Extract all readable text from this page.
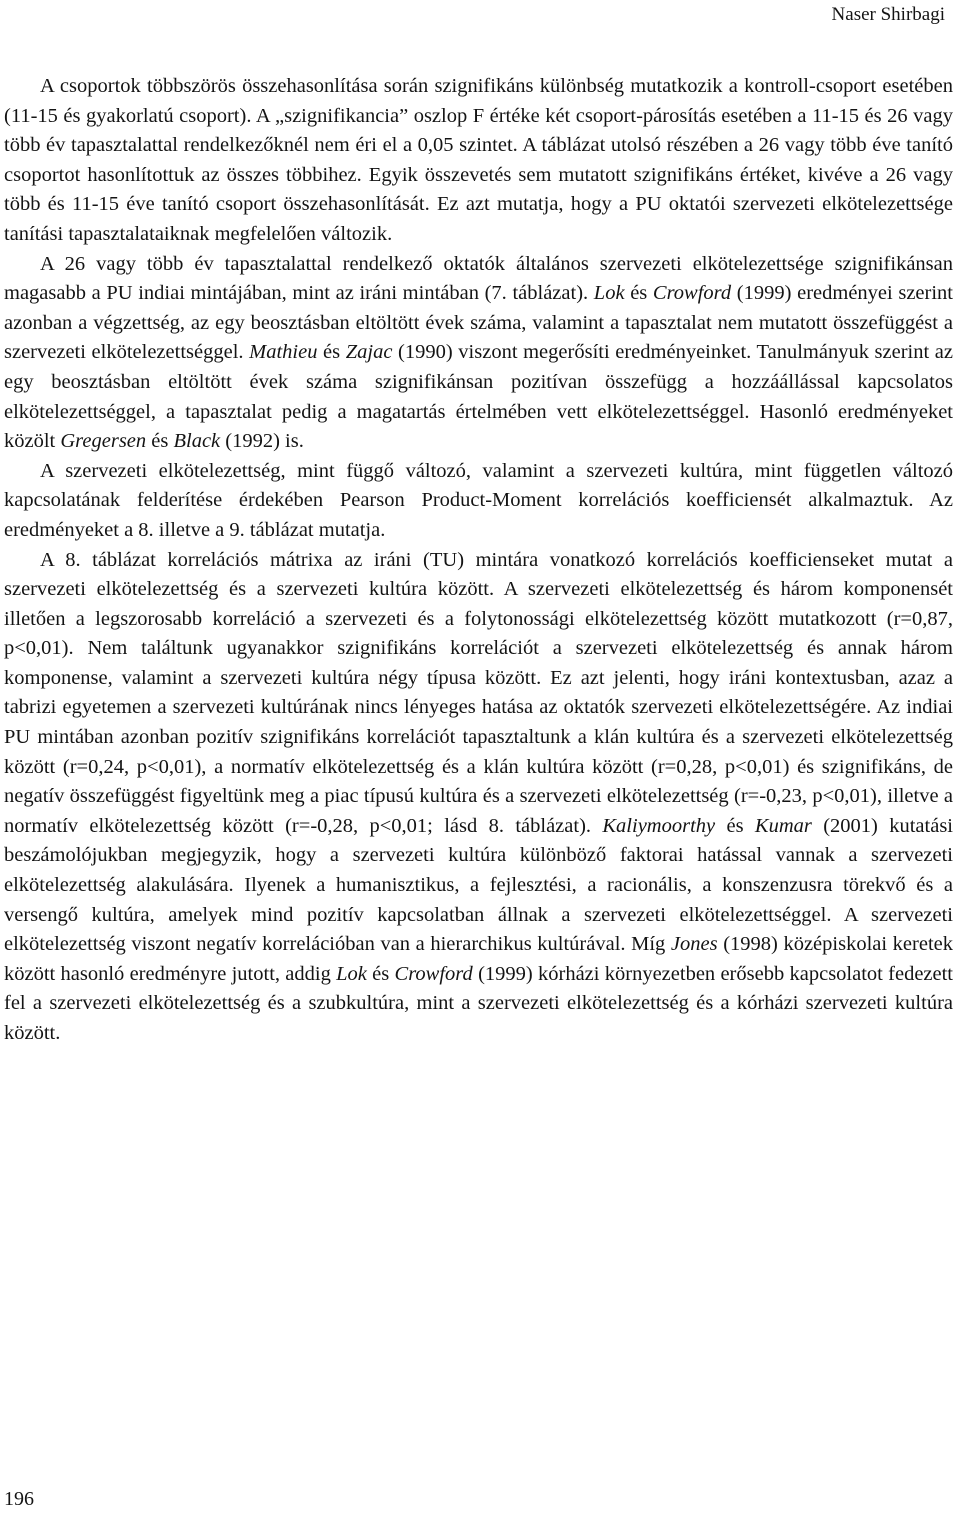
Naser Shirbagi

A csoportok többszörös összehasonlítása során szignifikáns különbség mutatkozik a kontroll-csoport esetében (11-15 és gyakorlatú csoport). A „szignifikancia” oszlop F értéke két csoport-párosítás esetében a 11-15 és 26 vagy több év tapasztalattal rendelkezőknél nem éri el a 0,05 szintet. A táblázat utolsó részében a 26 vagy több éve tanító csoportot hasonlítottuk az összes többihez. Egyik összevetés sem mutatott szignifikáns értéket, kivéve a 26 vagy több és 11-15 éve tanító csoport összehasonlítását. Ez azt mutatja, hogy a PU oktatói szervezeti elkötelezettsége tanítási tapasztalataiknak megfelelően változik.

A 26 vagy több év tapasztalattal rendelkező oktatók általános szervezeti elkötelezettsége szignifikánsan magasabb a PU indiai mintájában, mint az iráni mintában (7. táblázat). Lok és Crowford (1999) eredményei szerint azonban a végzettség, az egy beosztásban eltöltött évek száma, valamint a tapasztalat nem mutatott összefüggést a szervezeti elkötelezettséggel. Mathieu és Zajac (1990) viszont megerősíti eredményeinket. Tanulmányuk szerint az egy beosztásban eltöltött évek száma szignifikánsan pozitívan összefügg a hozzáállással kapcsolatos elkötelezettséggel, a tapasztalat pedig a magatartás értelmében vett elkötelezettséggel. Hasonló eredményeket közölt Gregersen és Black (1992) is.

A szervezeti elkötelezettség, mint függő változó, valamint a szervezeti kultúra, mint független változó kapcsolatának felderítése érdekében Pearson Product-Moment korrelációs koefficiensét alkalmaztuk. Az eredményeket a 8. illetve a 9. táblázat mutatja.

A 8. táblázat korrelációs mátrixa az iráni (TU) mintára vonatkozó korrelációs koefficienseket mutat a szervezeti elkötelezettség és a szervezeti kultúra között. A szervezeti elkötelezettség és három komponensét illetően a legszorosabb korreláció a szervezeti és a folytonossági elkötelezettség között mutatkozott (r=0,87, p<0,01). Nem találtunk ugyanakkor szignifikáns korrelációt a szervezeti elkötelezettség és annak három komponense, valamint a szervezeti kultúra négy típusa között. Ez azt jelenti, hogy iráni kontextusban, azaz a tabrizi egyetemen a szervezeti kultúrának nincs lényeges hatása az oktatók szervezeti elkötelezettségére. Az indiai PU mintában azonban pozitív szignifikáns korrelációt tapasztaltunk a klán kultúra és a szervezeti elkötelezettség között (r=0,24, p<0,01), a normatív elkötelezettség és a klán kultúra között (r=0,28, p<0,01) és szignifikáns, de negatív összefüggést figyeltünk meg a piac típusú kultúra és a szervezeti elkötelezettség (r=-0,23, p<0,01), illetve a normatív elkötelezettség között (r=-0,28, p<0,01; lásd 8. táblázat). Kaliymoorthy és Kumar (2001) kutatási beszámolójukban megjegyzik, hogy a szervezeti kultúra különböző faktorai hatással vannak a szervezeti elkötelezettség alakulására. Ilyenek a humanisztikus, a fejlesztési, a racionális, a konszenzusra törekvő és a versengő kultúra, amelyek mind pozitív kapcsolatban állnak a szervezeti elkötelezettséggel. A szervezeti elkötelezettség viszont negatív korrelációban van a hierarchikus kultúrával. Míg Jones (1998) középiskolai keretek között hasonló eredményre jutott, addig Lok és Crowford (1999) kórházi környezetben erősebb kapcsolatot fedezett fel a szervezeti elkötelezettség és a szubkultúra, mint a szervezeti elkötelezettség és a kórházi szervezeti kultúra között.

196
